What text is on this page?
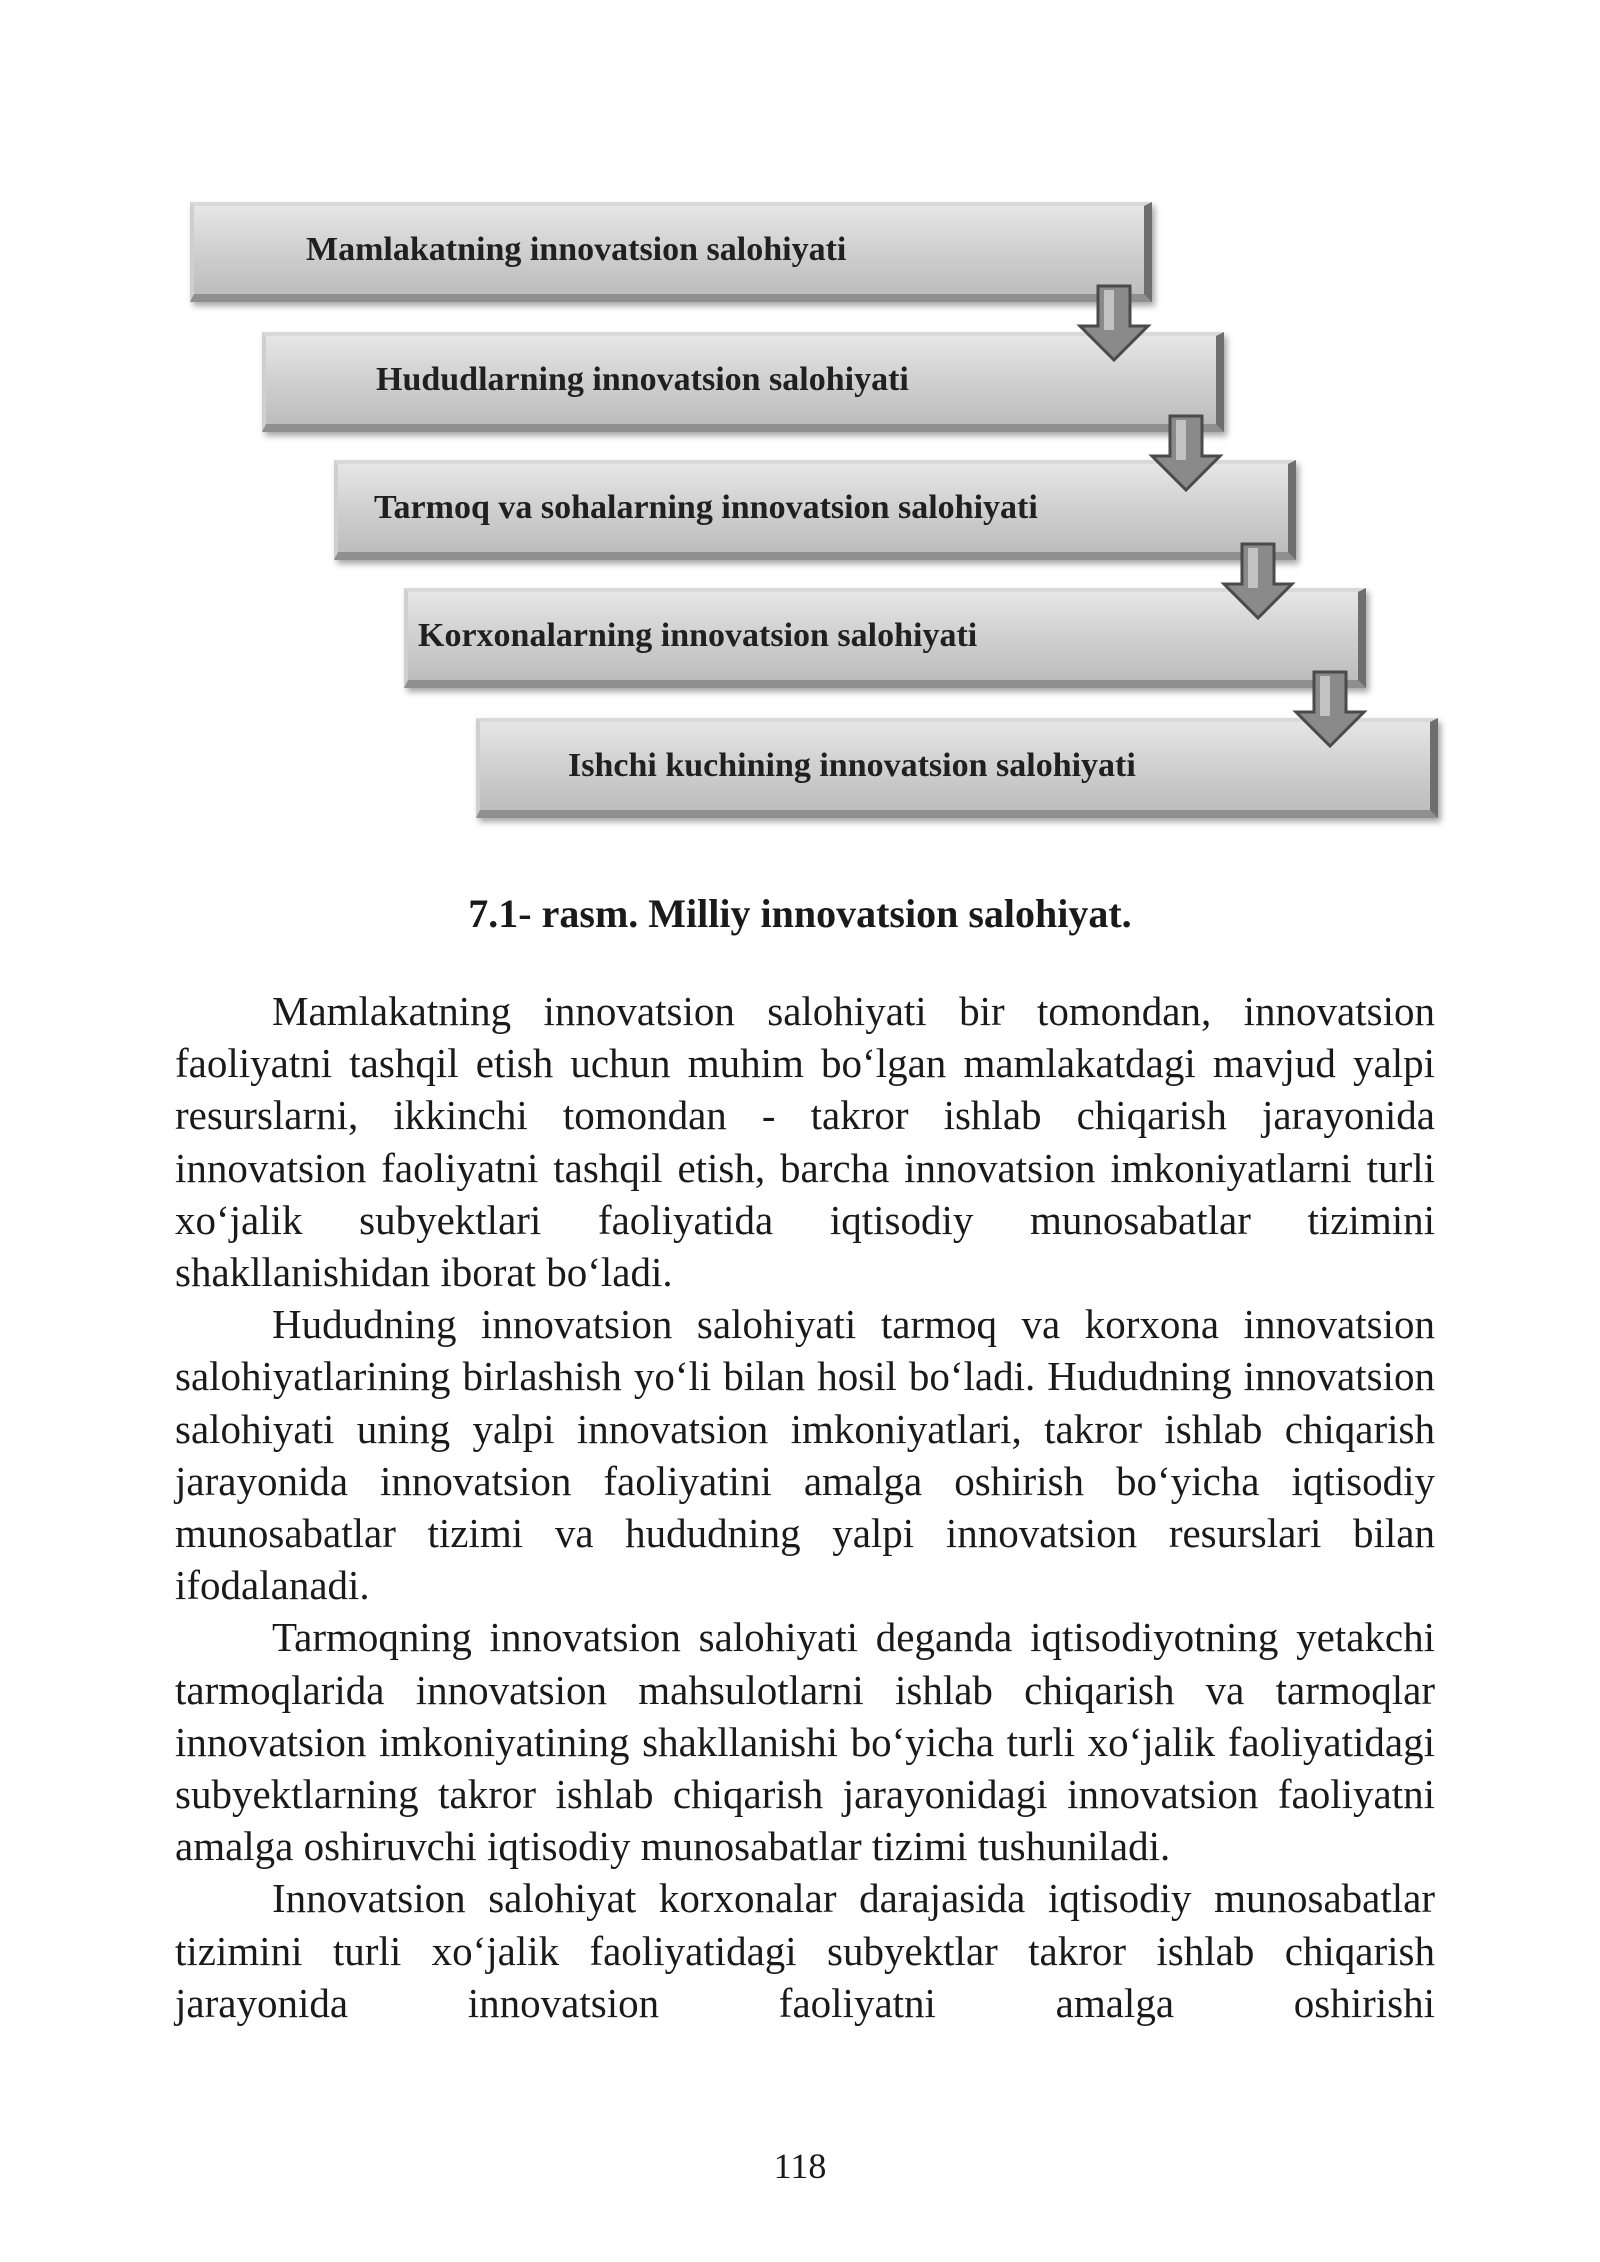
Mamlakatning innovatsion salohiyati
Hududlarning innovatsion salohiyati
Tarmoq va sohalarning innovatsion salohiyati
Korxonalarning innovatsion salohiyati
Ishchi kuchining innovatsion salohiyati
7.1- rasm. Milliy innovatsion salohiyat.

Mamlakatning innovatsion salohiyati bir tomondan, innovatsion faoliyatni tashqil etish uchun muhim bo‘lgan mamlakatdagi mavjud yalpi resurslarni, ikkinchi tomondan - takror ishlab chiqarish jarayonida innovatsion faoliyatni tashqil etish, barcha innovatsion imkoniyatlarni turli xo‘jalik subyektlari faoliyatida iqtisodiy munosabatlar tizimini shakllanishidan iborat bo‘ladi.

Hududning innovatsion salohiyati tarmoq va korxona innovatsion salohiyatlarining birlashish yo‘li bilan hosil bo‘ladi. Hududning innovatsion salohiyati uning yalpi innovatsion imkoniyatlari, takror ishlab chiqarish jarayonida innovatsion faoliyatini amalga oshirish bo‘yicha iqtisodiy munosabatlar tizimi va hududning yalpi innovatsion resurslari bilan ifodalanadi.

Tarmoqning innovatsion salohiyati deganda iqtisodiyotning yetakchi tarmoqlarida innovatsion mahsulotlarni ishlab chiqarish va tarmoqlar innovatsion imkoniyatining shakllanishi bo‘yicha turli xo‘jalik faoliyatidagi subyektlarning takror ishlab chiqarish jarayonidagi innovatsion faoliyatni amalga oshiruvchi iqtisodiy munosabatlar tizimi tushuniladi.

Innovatsion salohiyat korxonalar darajasida iqtisodiy munosabatlar tizimini turli xo‘jalik faoliyatidagi subyektlar takror ishlab chiqarish jarayonida innovatsion faoliyatni amalga oshirishi

118
